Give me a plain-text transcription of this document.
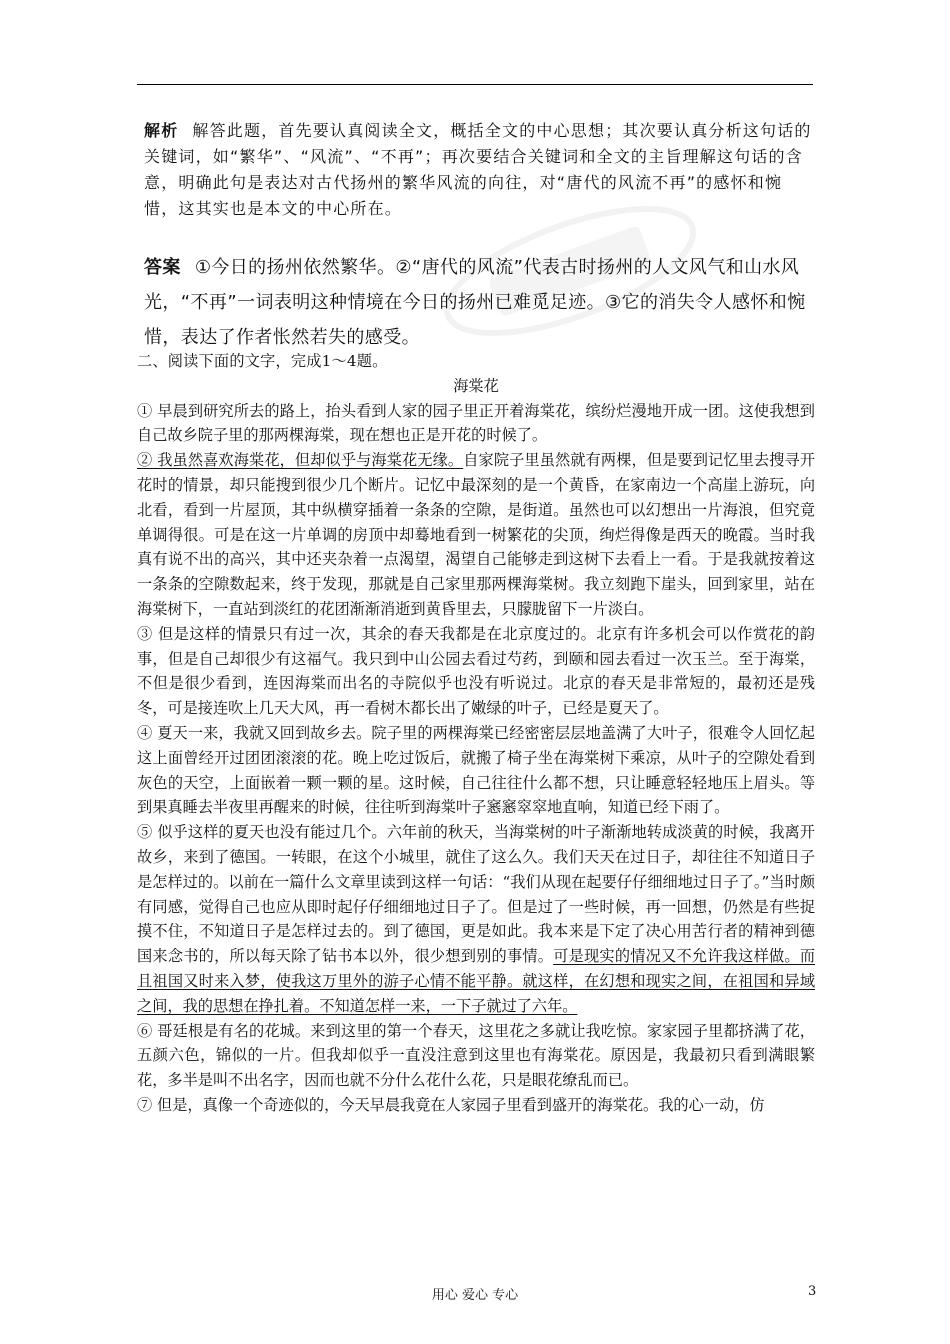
解析 解答此题，首先要认真阅读全文，概括全文的中心思想；其次要认真分析这句话的关键词，如“繁华”、“风流”、“不再”；再次要结合关键词和全文的主旨理解这句话的含意，明确此句是表达对古代扬州的繁华风流的向往，对“唐代的风流不再”的感怀和惋惜，这其实也是本文的中心所在。

答案 ①今日的扬州依然繁华。②“唐代的风流”代表古时扬州的人文风气和山水风光，“不再”一词表明这种情境在今日的扬州已难觅足迹。③它的消失令人感怀和惋惜，表达了作者怅然若失的感受。

二、阅读下面的文字，完成1～4题。

海棠花

① 早晨到研究所去的路上，抬头看到人家的园子里正开着海棠花，缤纷烂漫地开成一团。这使我想到自己故乡院子里的那两棵海棠，现在想也正是开花的时候了。

② 我虽然喜欢海棠花，但却似乎与海棠花无缘。自家院子里虽然就有两棵，但是要到记忆里去搜寻开花时的情景，却只能搜到很少几个断片。记忆中最深刻的是一个黄昏，在家南边一个高崖上游玩，向北看，看到一片屋顶，其中纵横穿插着一条条的空隙，是街道。虽然也可以幻想出一片海浪，但究竟单调得很。可是在这一片单调的房顶中却蓦地看到一树繁花的尖顶，绚烂得像是西天的晚霞。当时我真有说不出的高兴，其中还夹杂着一点渴望，渴望自己能够走到这树下去看上一看。于是我就按着这一条条的空隙数起来，终于发现，那就是自己家里那两棵海棠树。我立刻跑下崖头，回到家里，站在海棠树下，一直站到淡红的花团渐渐消逝到黄昏里去，只朦胧留下一片淡白。

③ 但是这样的情景只有过一次，其余的春天我都是在北京度过的。北京有许多机会可以作赏花的韵事，但是自己却很少有这福气。我只到中山公园去看过芍药，到颐和园去看过一次玉兰。至于海棠，不但是很少看到，连因海棠而出名的寺院似乎也没有听说过。北京的春天是非常短的，最初还是残冬，可是接连吹上几天大风，再一看树木都长出了嫩绿的叶子，已经是夏天了。

④ 夏天一来，我就又回到故乡去。院子里的两棵海棠已经密密层层地盖满了大叶子，很难令人回忆起这上面曾经开过团团滚滚的花。晚上吃过饭后，就搬了椅子坐在海棠树下乘凉，从叶子的空隙处看到灰色的天空，上面嵌着一颗一颗的星。这时候，自己往往什么都不想，只让睡意轻轻地压上眉头。等到果真睡去半夜里再醒来的时候，往往听到海棠叶子窸窸窣窣地直响，知道已经下雨了。

⑤ 似乎这样的夏天也没有能过几个。六年前的秋天，当海棠树的叶子渐渐地转成淡黄的时候，我离开故乡，来到了德国。一转眼，在这个小城里，就住了这么久。我们天天在过日子，却往往不知道日子是怎样过的。以前在一篇什么文章里读到这样一句话：“我们从现在起要仔仔细细地过日子了。”当时颇有同感，觉得自己也应从即时起仔仔细细地过日子了。但是过了一些时候，再一回想，仍然是有些捉摸不住，不知道日子是怎样过去的。到了德国，更是如此。我本来是下定了决心用苦行者的精神到德国来念书的，所以每天除了钻书本以外，很少想到别的事情。可是现实的情况又不允许我这样做。而且祖国又时来入梦，使我这万里外的游子心情不能平静。就这样，在幻想和现实之间，在祖国和异域之间，我的思想在挣扎着。不知道怎样一来，一下子就过了六年。

⑥ 哥廷根是有名的花城。来到这里的第一个春天，这里花之多就让我吃惊。家家园子里都挤满了花，五颜六色，锦似的一片。但我却似乎一直没注意到这里也有海棠花。原因是，我最初只看到满眼繁花，多半是叫不出名字，因而也就不分什么花什么花，只是眼花缭乱而已。

⑦ 但是，真像一个奇迹似的，今天早晨我竟在人家园子里看到盛开的海棠花。我的心一动，仿

用心 爱心 专心	3
